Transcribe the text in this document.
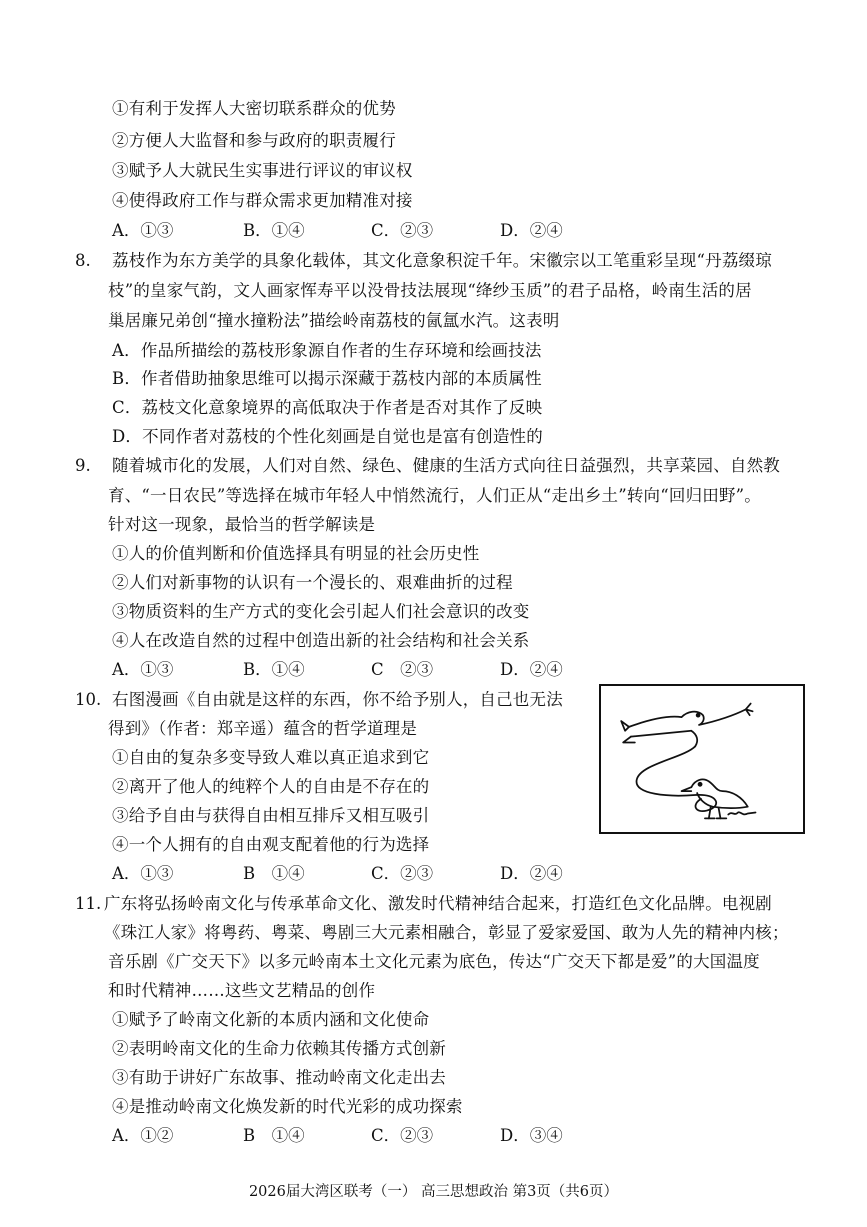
①有利于发挥人大密切联系群众的优势
②方便人大监督和参与政府的职责履行
③赋予人大就民生实事进行评议的审议权
④使得政府工作与群众需求更加精准对接
A．①③	B．①④	C．②③	D．②④
8. 荔枝作为东方美学的具象化载体，其文化意象积淀千年。宋徽宗以工笔重彩呈现“丹荔缀琼
枝”的皇家气韵，文人画家恽寿平以没骨技法展现“绛纱玉质”的君子品格，岭南生活的居
巢居廉兄弟创“撞水撞粉法”描绘岭南荔枝的氤氲水汽。这表明
A．作品所描绘的荔枝形象源自作者的生存环境和绘画技法
B．作者借助抽象思维可以揭示深藏于荔枝内部的本质属性
C．荔枝文化意象境界的高低取决于作者是否对其作了反映
D．不同作者对荔枝的个性化刻画是自觉也是富有创造性的
9. 随着城市化的发展，人们对自然、绿色、健康的生活方式向往日益强烈，共享菜园、自然教
育、“一日农民”等选择在城市年轻人中悄然流行，人们正从“走出乡土”转向“回归田野”。
针对这一现象，最恰当的哲学解读是
①人的价值判断和价值选择具有明显的社会历史性
②人们对新事物的认识有一个漫长的、艰难曲折的过程
③物质资料的生产方式的变化会引起人们社会意识的改变
④人在改造自然的过程中创造出新的社会结构和社会关系
A．①③	B．①④	C　②③	D．②④
10. 右图漫画《自由就是这样的东西，你不给予别人，自己也无法
得到》（作者：郑辛遥）蕴含的哲学道理是
①自由的复杂多变导致人难以真正追求到它
②离开了他人的纯粹个人的自由是不存在的
③给予自由与获得自由相互排斥又相互吸引
④一个人拥有的自由观支配着他的行为选择
A．①③	B　①④	C．②③	D．②④
11. 广东将弘扬岭南文化与传承革命文化、激发时代精神结合起来，打造红色文化品牌。电视剧
《珠江人家》将粤药、粤菜、粤剧三大元素相融合，彰显了爱家爱国、敢为人先的精神内核；
音乐剧《广交天下》以多元岭南本土文化元素为底色，传达“广交天下都是爱”的大国温度
和时代精神……这些文艺精品的创作
①赋予了岭南文化新的本质内涵和文化使命
②表明岭南文化的生命力依赖其传播方式创新
③有助于讲好广东故事、推动岭南文化走出去
④是推动岭南文化焕发新的时代光彩的成功探索
A．①②	B　①④	C．②③	D．③④
2026届大湾区联考（一） 高三思想政治 第3页（共6页）
